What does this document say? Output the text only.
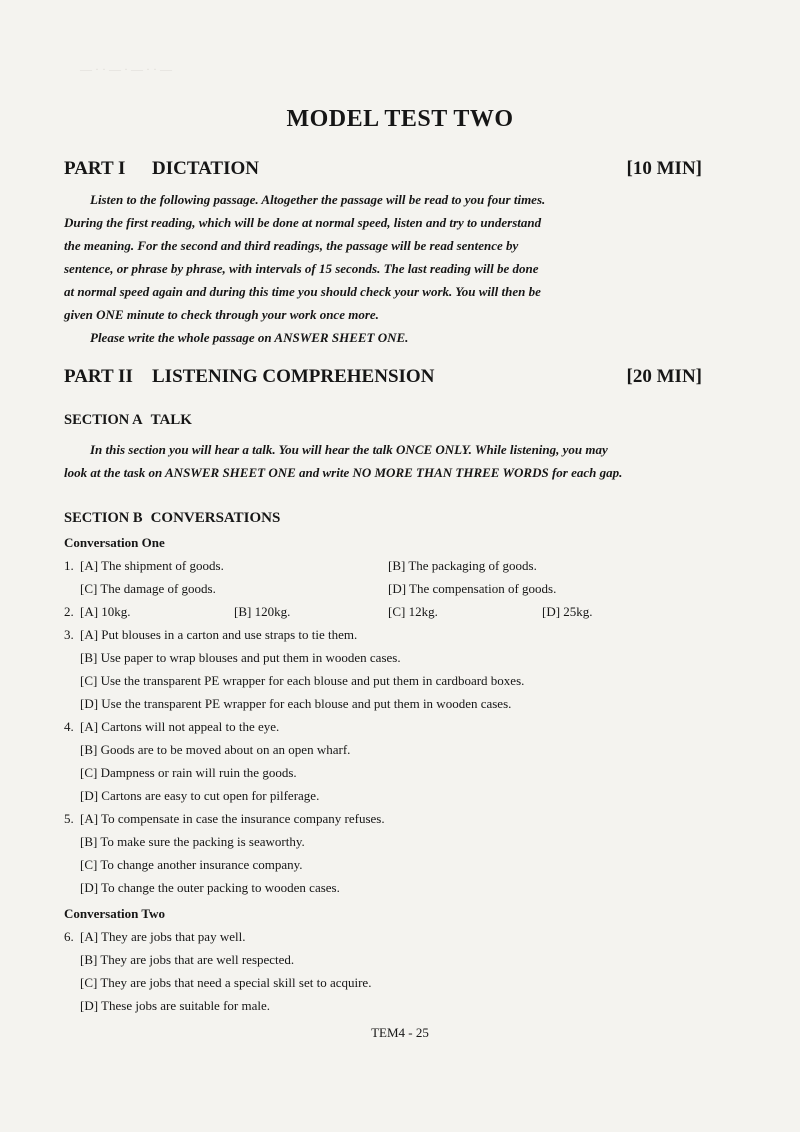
— · · — · — · · —
MODEL TEST TWO
PART I DICTATION	[10 MIN]
Listen to the following passage. Altogether the passage will be read to you four times.
During the first reading, which will be done at normal speed, listen and try to understand
the meaning. For the second and third readings, the passage will be read sentence by
sentence, or phrase by phrase, with intervals of 15 seconds. The last reading will be done
at normal speed again and during this time you should check your work. You will then be
given ONE minute to check through your work once more.
Please write the whole passage on ANSWER SHEET ONE.
PART II LISTENING COMPREHENSION	[20 MIN]
SECTION A TALK
In this section you will hear a talk. You will hear the talk ONCE ONLY. While listening, you may
look at the task on ANSWER SHEET ONE and write NO MORE THAN THREE WORDS for each gap.
SECTION B CONVERSATIONS
Conversation One
1. [A] The shipment of goods.	[B] The packaging of goods.
[C] The damage of goods.	[D] The compensation of goods.
2. [A] 10kg.	[B] 120kg.	[C] 12kg.	[D] 25kg.
3. [A] Put blouses in a carton and use straps to tie them.
[B] Use paper to wrap blouses and put them in wooden cases.
[C] Use the transparent PE wrapper for each blouse and put them in cardboard boxes.
[D] Use the transparent PE wrapper for each blouse and put them in wooden cases.
4. [A] Cartons will not appeal to the eye.
[B] Goods are to be moved about on an open wharf.
[C] Dampness or rain will ruin the goods.
[D] Cartons are easy to cut open for pilferage.
5. [A] To compensate in case the insurance company refuses.
[B] To make sure the packing is seaworthy.
[C] To change another insurance company.
[D] To change the outer packing to wooden cases.
Conversation Two
6. [A] They are jobs that pay well.
[B] They are jobs that are well respected.
[C] They are jobs that need a special skill set to acquire.
[D] These jobs are suitable for male.
TEM4 - 25
